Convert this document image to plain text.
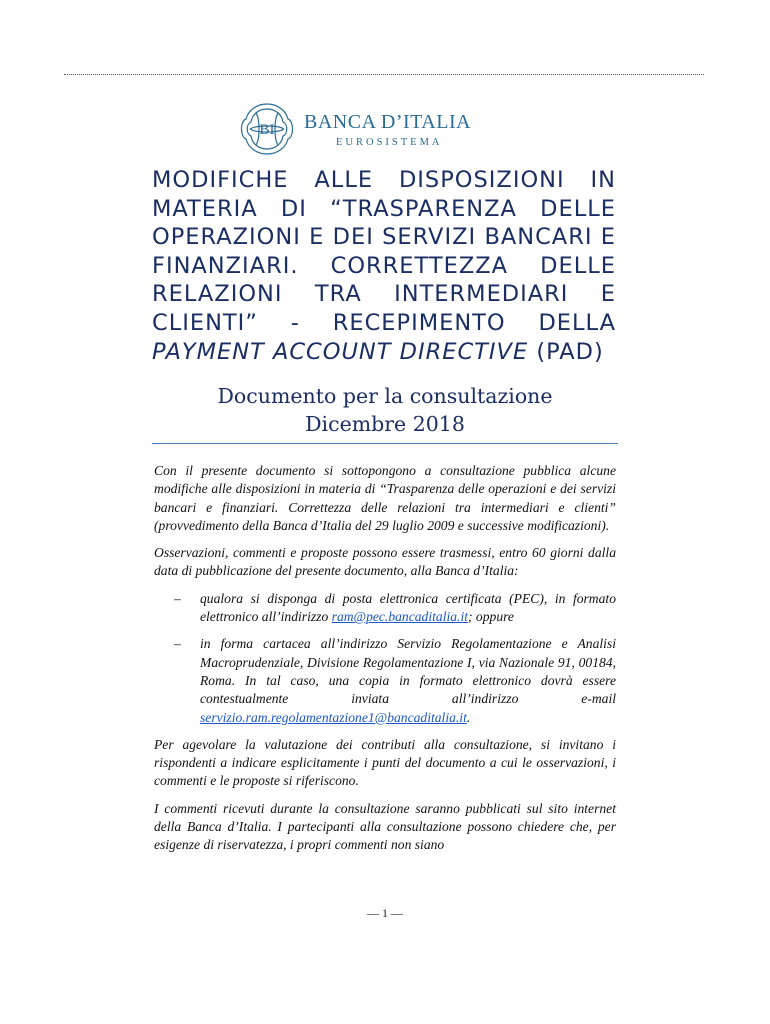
BI BANCA D’ITALIA
EUROSISTEMA
MODIFICHE ALLE DISPOSIZIONI IN
MATERIA DI “TRASPARENZA DELLE
OPERAZIONI E DEI SERVIZI BANCARI E
FINANZIARI. CORRETTEZZA DELLE
RELAZIONI TRA INTERMEDIARI E
CLIENTI” - RECEPIMENTO DELLA
PAYMENT ACCOUNT DIRECTIVE (PAD)
Documento per la consultazione
Dicembre 2018

Con il presente documento si sottopongono a consultazione pubblica alcune modifiche alle disposizioni in materia di “Trasparenza delle operazioni e dei servizi bancari e finanziari. Correttezza delle relazioni tra intermediari e clienti” (provvedimento della Banca d’Italia del 29 luglio 2009 e successive modificazioni).

Osservazioni, commenti e proposte possono essere trasmessi, entro 60 giorni dalla data di pubblicazione del presente documento, alla Banca d’Italia:

–	qualora si disponga di posta elettronica certificata (PEC), in formato elettronico all’indirizzo ram@pec.bancaditalia.it; oppure
–	in forma cartacea all’indirizzo Servizio Regolamentazione e Analisi Macroprudenziale, Divisione Regolamentazione I, via Nazionale 91, 00184, Roma. In tal caso, una copia in formato elettronico dovrà essere contestualmente inviata all’indirizzo e-mail servizio.ram.regolamentazione1@bancaditalia.it.

Per agevolare la valutazione dei contributi alla consultazione, si invitano i rispondenti a indicare esplicitamente i punti del documento a cui le osservazioni, i commenti e le proposte si riferiscono.

I commenti ricevuti durante la consultazione saranno pubblicati sul sito internet della Banca d’Italia. I partecipanti alla consultazione possono chiedere che, per esigenze di riservatezza, i propri commenti non siano

— 1 —
